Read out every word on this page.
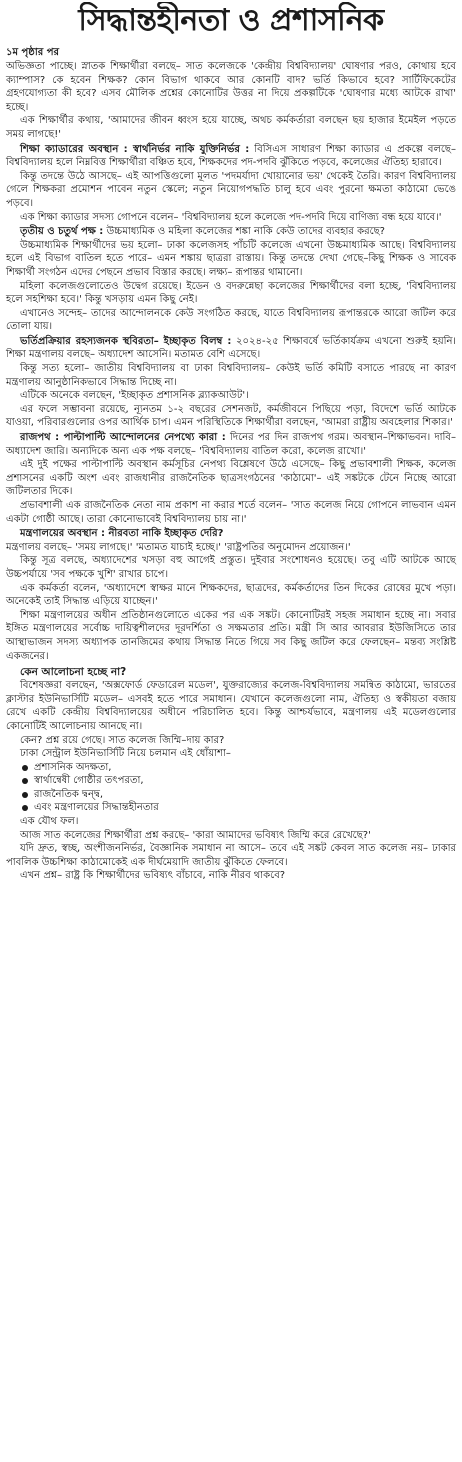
সিদ্ধান্তহীনতা ও প্রশাসনিক
১ম পৃষ্ঠার পর

অভিজ্ঞতা পাচ্ছে। স্নাতক শিক্ষার্থীরা বলছে– সাত কলেজকে 'কেন্দ্রীয় বিশ্ববিদ্যালয়' ঘোষণার পরও, কোথায় হবে ক্যাম্পাস? কে হবেন শিক্ষক? কোন বিভাগ থাকবে আর কোনটি বাদ? ভর্তি কিভাবে হবে? সার্টিফিকেটের গ্রহণযোগ্যতা কী হবে? এসব মৌলিক প্রশ্নের কোনোটির উত্তর না দিয়ে প্রকল্পটিকে 'ঘোষণার মধ্যে আটকে রাখা' হচ্ছে।

এক শিক্ষার্থীর কথায়, 'আমাদের জীবন ধ্বংস হয়ে যাচ্ছে, অথচ কর্মকর্তারা বলছেন ছয় হাজার ইমেইল পড়তে সময় লাগছে!'

শিক্ষা ক্যাডারের অবস্থান : স্বার্থনির্ভর নাকি যুক্তিনির্ভর : বিসিএস সাধারণ শিক্ষা ক্যাডার এ প্রকল্পে বলছে– বিশ্ববিদ্যালয় হলে নিম্নবিত্ত শিক্ষার্থীরা বঞ্চিত হবে, শিক্ষকদের পদ-পদবি ঝুঁকিতে পড়বে, কলেজের ঐতিহ্য হারাবে।

কিন্তু তদন্তে উঠে আসছে– এই আপত্তিগুলো মূলত 'পদমর্যাদা খোয়ানোর ভয়' থেকেই তৈরি। কারণ বিশ্ববিদ্যালয় গেলে শিক্ষকরা প্রমোশন পাবেন নতুন স্কেলে; নতুন নিয়োগপদ্ধতি চালু হবে এবং পুরনো ক্ষমতা কাঠামো ভেঙে পড়বে।

এক শিক্ষা ক্যাডার সদস্য গোপনে বলেন– 'বিশ্ববিদ্যালয় হলে কলেজে পদ-পদবি দিয়ে বাণিজ্য বন্ধ হয়ে যাবে।'

তৃতীয় ও চতুর্থ পক্ষ : উচ্চমাধ্যমিক ও মহিলা কলেজের শঙ্কা নাকি কেউ তাদের ব্যবহার করছে?

উচ্চমাধ্যমিক শিক্ষার্থীদের ভয় হলো– ঢাকা কলেজসহ পাঁচটি কলেজে এখনো উচ্চমাধ্যমিক আছে। বিশ্ববিদ্যালয় হলে এই বিভাগ বাতিল হতে পারে– এমন শঙ্কায় ছাত্ররা রাস্তায়। কিন্তু তদন্তে দেখা গেছে–কিছু শিক্ষক ও সাবেক শিক্ষার্থী সংগঠন এদের পেছনে প্রভাব বিস্তার করছে। লক্ষ্য– রূপান্তর থামানো।

মহিলা কলেজগুলোতেও উদ্বেগ রয়েছে। ইডেন ও বদরুন্নেছা কলেজের শিক্ষার্থীদের বলা হচ্ছে, 'বিশ্ববিদ্যালয় হলে সহশিক্ষা হবে।' কিন্তু খসড়ায় এমন কিছু নেই।

এখানেও সন্দেহ– তাদের আন্দোলনকে কেউ সংগঠিত করছে, যাতে বিশ্ববিদ্যালয় রূপান্তরকে আরো জটিল করে তোলা যায়।

ভর্তিপ্রক্রিয়ার রহস্যজনক স্থবিরতা– ইচ্ছাকৃত বিলম্ব : ২০২৪-২৫ শিক্ষাবর্ষে ভর্তিকার্যক্রম এখনো শুরুই হয়নি। শিক্ষা মন্ত্রণালয় বলছে– অধ্যাদেশ আসেনি। মতামত বেশি এসেছে।

কিন্তু সত্য হলো– জাতীয় বিশ্ববিদ্যালয় বা ঢাকা বিশ্ববিদ্যালয়– কেউই ভর্তি কমিটি বসাতে পারছে না কারণ মন্ত্রণালয় আনুষ্ঠানিকভাবে সিদ্ধান্ত দিচ্ছে না।

এটিকে অনেকে বলছেন, 'ইচ্ছাকৃত প্রশাসনিক ব্ল্যাকআউট'।

এর ফলে সম্ভাবনা রয়েছে, ন্যূনতম ১-২ বছরের সেশনজট, কর্মজীবনে পিছিয়ে পড়া, বিদেশে ভর্তি আটকে যাওয়া, পরিবারগুলোর ওপর আর্থিক চাপ। এমন পরিস্থিতিকে শিক্ষার্থীরা বলছেন, 'আমরা রাষ্ট্রীয় অবহেলার শিকার।'

রাজপথ : পাল্টাপাল্টি আন্দোলনের নেপথ্যে কারা : দিনের পর দিন রাজপথ গরম। অবস্থান–শিক্ষাভবন। দাবি–অধ্যাদেশ জারি। অন্যদিকে অন্য এক পক্ষ বলছে– 'বিশ্ববিদ্যালয় বাতিল করো, কলেজ রাখো।'

এই দুই পক্ষের পাল্টাপাল্টি অবস্থান কর্মসূচির নেপথ্য বিশ্লেষণে উঠে এসেছে– কিছু প্রভাবশালী শিক্ষক, কলেজ প্রশাসনের একটি অংশ এবং রাজধানীর রাজনৈতিক ছাত্রসংগঠনের 'কাঠামো'– এই সঙ্কটকে টেনে নিচ্ছে আরো জটিলতার দিকে।

প্রভাবশালী এক রাজনৈতিক নেতা নাম প্রকাশ না করার শর্তে বলেন– 'সাত কলেজ নিয়ে গোপনে লাভবান এমন একটা গোষ্ঠী আছে। তারা কোনোভাবেই বিশ্ববিদ্যালয় চায় না।'

মন্ত্রণালয়ের অবস্থান : নীরবতা নাকি ইচ্ছাকৃত দেরি?

মন্ত্রণালয় বলছে– 'সময় লাগছে।' 'মতামত যাচাই হচ্ছে।' 'রাষ্ট্রপতির অনুমোদন প্রয়োজন।'

কিন্তু সূত্র বলছে, অধ্যাদেশের খসড়া বহু আগেই প্রস্তুত। দুইবার সংশোধনও হয়েছে। তবু এটি আটকে আছে উচ্চপর্যায়ে 'সব পক্ষকে খুশি' রাখার চাপে।

এক কর্মকর্তা বলেন, 'অধ্যাদেশে স্বাক্ষর মানে শিক্ষকদের, ছাত্রদের, কর্মকর্তাদের তিন দিকের রোষের মুখে পড়া। অনেকেই তাই সিদ্ধান্ত এড়িয়ে যাচ্ছেন।'

শিক্ষা মন্ত্রণালয়ের অধীন প্রতিষ্ঠানগুলোতে একের পর এক সঙ্কট। কোনোটিরই সহজ সমাধান হচ্ছে না। সবার ইঙ্গিত মন্ত্রণালয়ের সর্বোচ্চ দায়িত্বশীলদের দূরদর্শিতা ও সক্ষমতার প্রতি। মন্ত্রী সি আর আবরার ইউজিসিতে তার আস্থাভাজন সদস্য অধ্যাপক তানজিমের কথায় সিদ্ধান্ত নিতে গিয়ে সব কিছু জটিল করে ফেলছেন– মন্তব্য সংশ্লিষ্ট একজনের।

কেন আলোচনা হচ্ছে না?

বিশেষজ্ঞরা বলছেন, 'অক্সফোর্ড ফেডারেল মডেল', যুক্তরাজ্যের কলেজ-বিশ্ববিদ্যালয় সমন্বিত কাঠামো, ভারতের ক্লাস্টার ইউনিভার্সিটি মডেল– এসবই হতে পারে সমাধান। যেখানে কলেজগুলো নাম, ঐতিহ্য ও স্বকীয়তা বজায় রেখে একটি কেন্দ্রীয় বিশ্ববিদ্যালয়ের অধীনে পরিচালিত হবে। কিন্তু আশ্চর্যভাবে, মন্ত্রণালয় এই মডেলগুলোর কোনোটিই আলোচনায় আনছে না।

কেন? প্রশ্ন রয়ে গেছে। সাত কলেজ জিম্মি–দায় কার?

ঢাকা সেন্ট্রাল ইউনিভার্সিটি নিয়ে চলমান এই ধোঁয়াশা–

প্রশাসনিক অদক্ষতা,
স্বার্থান্বেষী গোষ্ঠীর তৎপরতা,
রাজনৈতিক দ্বন্দ্ব,
এবং মন্ত্রণালয়ের সিদ্ধান্তহীনতার

এক যৌথ ফল।

আজ সাত কলেজের শিক্ষার্থীরা প্রশ্ন করছে– 'কারা আমাদের ভবিষ্যৎ জিম্মি করে রেখেছে?'

যদি দ্রুত, স্বচ্ছ, অংশীজননির্ভর, বৈজ্ঞানিক সমাধান না আসে– তবে এই সঙ্কট কেবল সাত কলেজ নয়– ঢাকার পাবলিক উচ্চশিক্ষা কাঠামোকেই এক দীর্ঘমেয়াদি জাতীয় ঝুঁকিতে ফেলবে।

এখন প্রশ্ন– রাষ্ট্র কি শিক্ষার্থীদের ভবিষ্যৎ বাঁচাবে, নাকি নীরব থাকবে?
